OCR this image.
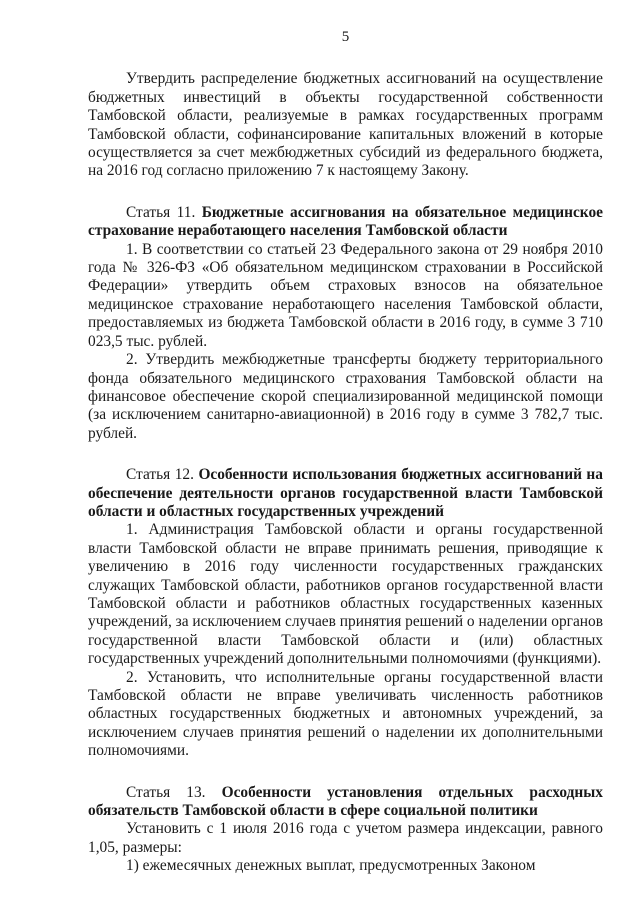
5

Утвердить распределение бюджетных ассигнований на осуществление бюджетных инвестиций в объекты государственной собственности Тамбовской области, реализуемые в рамках государственных программ Тамбовской области, софинансирование капитальных вложений в которые осуществляется за счет межбюджетных субсидий из федерального бюджета, на 2016 год согласно приложению 7 к настоящему Закону.

Статья 11. Бюджетные ассигнования на обязательное медицинское страхование неработающего населения Тамбовской области

1. В соответствии со статьей 23 Федерального закона от 29 ноября 2010 года № 326-ФЗ «Об обязательном медицинском страховании в Российской Федерации» утвердить объем страховых взносов на обязательное медицинское страхование неработающего населения Тамбовской области, предоставляемых из бюджета Тамбовской области в 2016 году, в сумме 3 710 023,5 тыс. рублей.

2. Утвердить межбюджетные трансферты бюджету территориального фонда обязательного медицинского страхования Тамбовской области на финансовое обеспечение скорой специализированной медицинской помощи (за исключением санитарно-авиационной) в 2016 году в сумме 3 782,7 тыс. рублей.

Статья 12. Особенности использования бюджетных ассигнований на обеспечение деятельности органов государственной власти Тамбовской области и областных государственных учреждений

1. Администрация Тамбовской области и органы государственной власти Тамбовской области не вправе принимать решения, приводящие к увеличению в 2016 году численности государственных гражданских служащих Тамбовской области, работников органов государственной власти Тамбовской области и работников областных государственных казенных учреждений, за исключением случаев принятия решений о наделении органов государственной власти Тамбовской области и (или) областных государственных учреждений дополнительными полномочиями (функциями).

2. Установить, что исполнительные органы государственной власти Тамбовской области не вправе увеличивать численность работников областных государственных бюджетных и автономных учреждений, за исключением случаев принятия решений о наделении их дополнительными полномочиями.

Статья 13. Особенности установления отдельных расходных обязательств Тамбовской области в сфере социальной политики

Установить с 1 июля 2016 года с учетом размера индексации, равного 1,05, размеры:

1) ежемесячных денежных выплат, предусмотренных Законом
